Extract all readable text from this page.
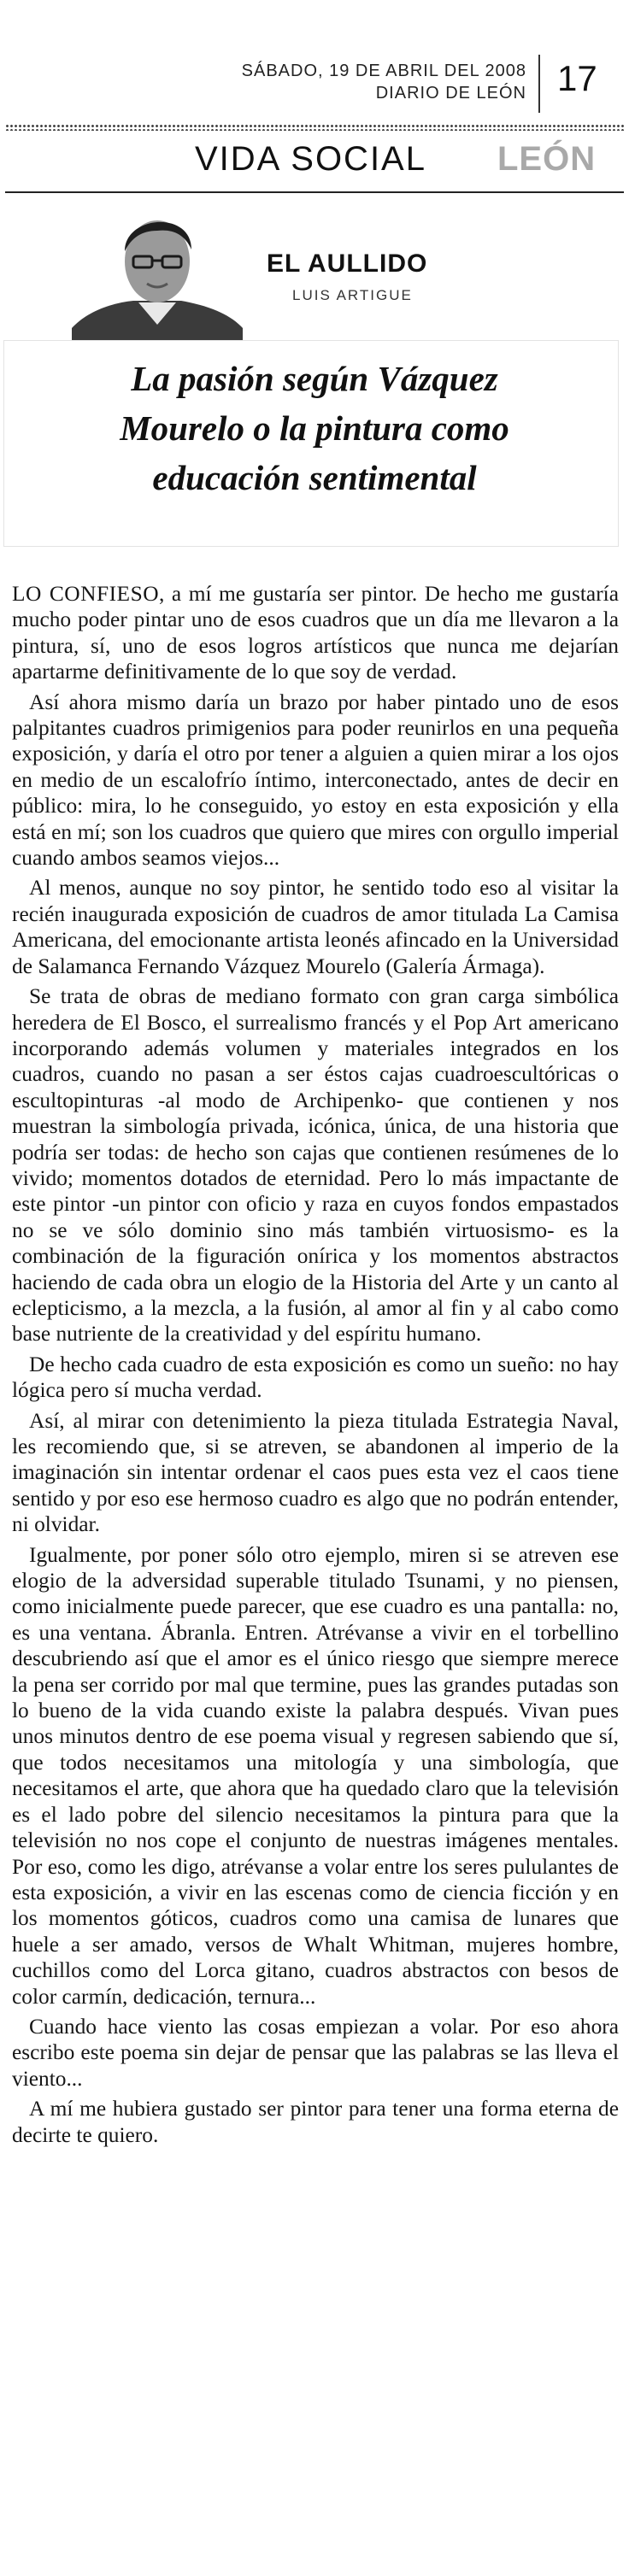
SÁBADO, 19 DE ABRIL DEL 2008
DIARIO DE LEÓN 17
VIDA SOCIAL LEÓN
EL AULLIDO
LUIS ARTIGUE
La pasión según Vázquez
Mourelo o la pintura como
educación sentimental

LO CONFIESO, a mí me gustaría ser pintor. De hecho me gustaría mucho poder pintar uno de esos cuadros que un día me llevaron a la pintura, sí, uno de esos logros artísticos que nunca me dejarían apartarme definitivamente de lo que soy de verdad.

Así ahora mismo daría un brazo por haber pintado uno de esos palpitantes cuadros primigenios para poder reunirlos en una pequeña exposición, y daría el otro por tener a alguien a quien mirar a los ojos en medio de un escalofrío íntimo, interconectado, antes de decir en público: mira, lo he conseguido, yo estoy en esta exposición y ella está en mí; son los cuadros que quiero que mires con orgullo imperial cuando ambos seamos viejos...

Al menos, aunque no soy pintor, he sentido todo eso al visitar la recién inaugurada exposición de cuadros de amor titulada La Camisa Americana, del emocionante artista leonés afincado en la Universidad de Salamanca Fernando Vázquez Mourelo (Galería Ármaga).

Se trata de obras de mediano formato con gran carga simbólica heredera de El Bosco, el surrealismo francés y el Pop Art americano incorporando además volumen y materiales integrados en los cuadros, cuando no pasan a ser éstos cajas cuadroescultóricas o escultopinturas -al modo de Archipenko- que contienen y nos muestran la simbología privada, icónica, única, de una historia que podría ser todas: de hecho son cajas que contienen resúmenes de lo vivido; momentos dotados de eternidad. Pero lo más impactante de este pintor -un pintor con oficio y raza en cuyos fondos empastados no se ve sólo dominio sino más también virtuosismo- es la combinación de la figuración onírica y los momentos abstractos haciendo de cada obra un elogio de la Historia del Arte y un canto al eclepticismo, a la mezcla, a la fusión, al amor al fin y al cabo como base nutriente de la creatividad y del espíritu humano.

De hecho cada cuadro de esta exposición es como un sueño: no hay lógica pero sí mucha verdad.

Así, al mirar con detenimiento la pieza titulada Estrategia Naval, les recomiendo que, si se atreven, se abandonen al imperio de la imaginación sin intentar ordenar el caos pues esta vez el caos tiene sentido y por eso ese hermoso cuadro es algo que no podrán entender, ni olvidar.

Igualmente, por poner sólo otro ejemplo, miren si se atreven ese elogio de la adversidad superable titulado Tsunami, y no piensen, como inicialmente puede parecer, que ese cuadro es una pantalla: no, es una ventana. Ábranla. Entren. Atrévanse a vivir en el torbellino descubriendo así que el amor es el único riesgo que siempre merece la pena ser corrido por mal que termine, pues las grandes putadas son lo bueno de la vida cuando existe la palabra después. Vivan pues unos minutos dentro de ese poema visual y regresen sabiendo que sí, que todos necesitamos una mitología y una simbología, que necesitamos el arte, que ahora que ha quedado claro que la televisión es el lado pobre del silencio necesitamos la pintura para que la televisión no nos cope el conjunto de nuestras imágenes mentales. Por eso, como les digo, atrévanse a volar entre los seres pululantes de esta exposición, a vivir en las escenas como de ciencia ficción y en los momentos góticos, cuadros como una camisa de lunares que huele a ser amado, versos de Whalt Whitman, mujeres hombre, cuchillos como del Lorca gitano, cuadros abstractos con besos de color carmín, dedicación, ternura...

Cuando hace viento las cosas empiezan a volar. Por eso ahora escribo este poema sin dejar de pensar que las palabras se las lleva el viento...

A mí me hubiera gustado ser pintor para tener una forma eterna de decirte te quiero.
